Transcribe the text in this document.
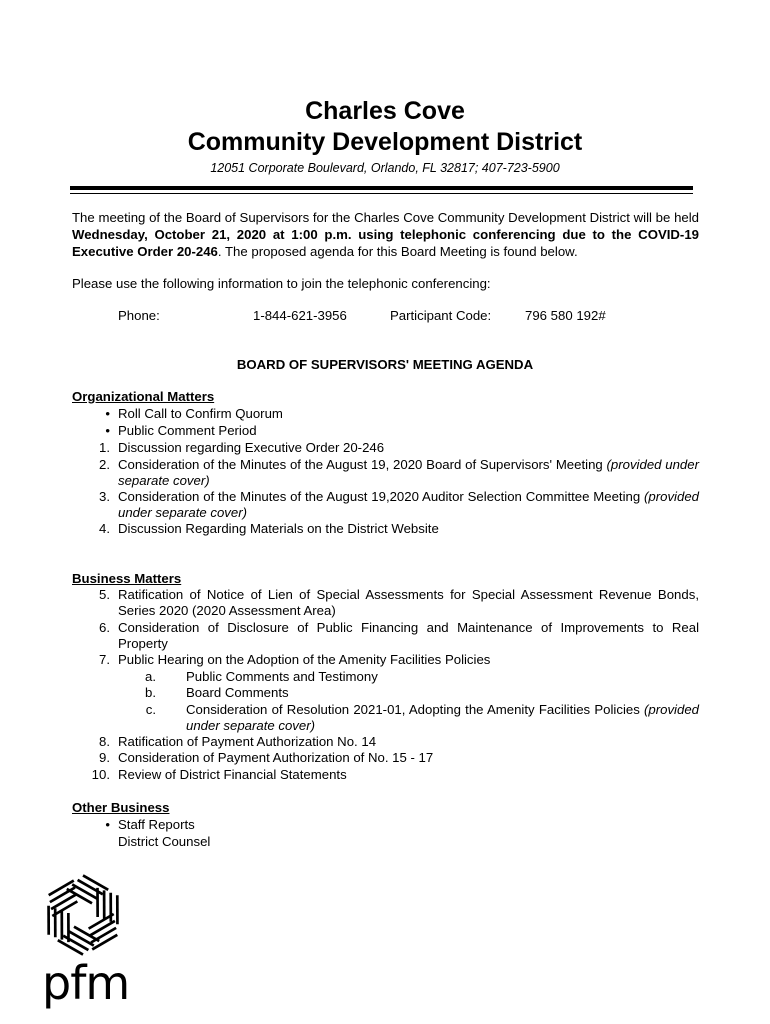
Charles Cove
Community Development District
12051 Corporate Boulevard, Orlando, FL 32817; 407-723-5900
The meeting of the Board of Supervisors for the Charles Cove Community Development District will be held Wednesday, October 21, 2020 at 1:00 p.m. using telephonic conferencing due to the COVID-19 Executive Order 20-246. The proposed agenda for this Board Meeting is found below.
Please use the following information to join the telephonic conferencing:
Phone:	1-844-621-3956	Participant Code:	796 580 192#
BOARD OF SUPERVISORS' MEETING AGENDA
Organizational Matters
• Roll Call to Confirm Quorum
• Public Comment Period
1. Discussion regarding Executive Order 20-246
2. Consideration of the Minutes of the August 19, 2020 Board of Supervisors' Meeting (provided under separate cover)
3. Consideration of the Minutes of the August 19,2020 Auditor Selection Committee Meeting (provided under separate cover)
4. Discussion Regarding Materials on the District Website
Business Matters
5. Ratification of Notice of Lien of Special Assessments for Special Assessment Revenue Bonds, Series 2020 (2020 Assessment Area)
6. Consideration of Disclosure of Public Financing and Maintenance of Improvements to Real Property
7. Public Hearing on the Adoption of the Amenity Facilities Policies
a. Public Comments and Testimony
b. Board Comments
c. Consideration of Resolution 2021-01, Adopting the Amenity Facilities Policies (provided under separate cover)
8. Ratification of Payment Authorization No. 14
9. Consideration of Payment Authorization of No. 15 - 17
10. Review of District Financial Statements
Other Business
• Staff Reports
District Counsel
pfm
